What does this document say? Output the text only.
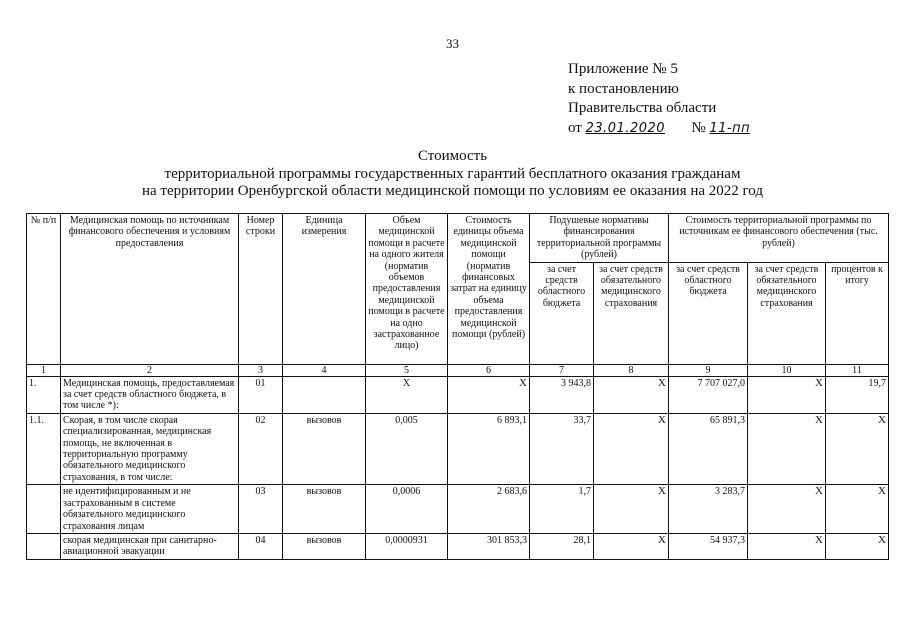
33
Приложение № 5
к постановлению
Правительства области
от 23.01.2020 № 11-пп
Стоимость
территориальной программы государственных гарантий бесплатного оказания гражданам
на территории Оренбургской области медицинской помощи по условиям ее оказания на 2022 год
№ п/п	Медицинская помощь по источникам финансового обеспечения и условиям предоставления	Номер строки	Единица измерения	Объем медицинской помощи в расчете на одного жителя (норматив объемов предоставления медицинской помощи в расчете на одно застрахованное лицо)	Стоимость единицы объема медицинской помощи (норматив финансовых затрат на единицу объема предоставления медицинской помощи (рублей)	Подушевые нормативы финансирования территориальной программы (рублей)		Стоимость территориальной программы по источникам ее финансового обеспечения (тыс. рублей)		
						за счет средств областного бюджета	за счет средств обязательного медицинского страхования	за счет средств областного бюджета	за счет средств обязательного медицинского страхования	процентов к итогу
1	2	3	4	5	6	7	8	9	10	11
1.	Медицинская помощь, предоставляемая за счет средств областного бюджета, в том числе *):	01		Х	Х	3 943,8	Х	7 707 027,0	Х	19,7
1.1.	Скорая, в том числе скорая специализированная, медицинская помощь, не включенная в территориальную программу обязательного медицинского страхования, в том числе:	02	вызовов	0,005	6 893,1	33,7	Х	65 891,3	Х	Х
	не идентифицированным и не застрахованным в системе обязательного медицинского страхования лицам	03	вызовов	0,0006	2 683,6	1,7	Х	3 283,7	Х	Х
	скорая медицинская при санитарно-авиационной эвакуации	04	вызовов	0,0000931	301 853,3	28,1	Х	54 937,3	Х	Х
